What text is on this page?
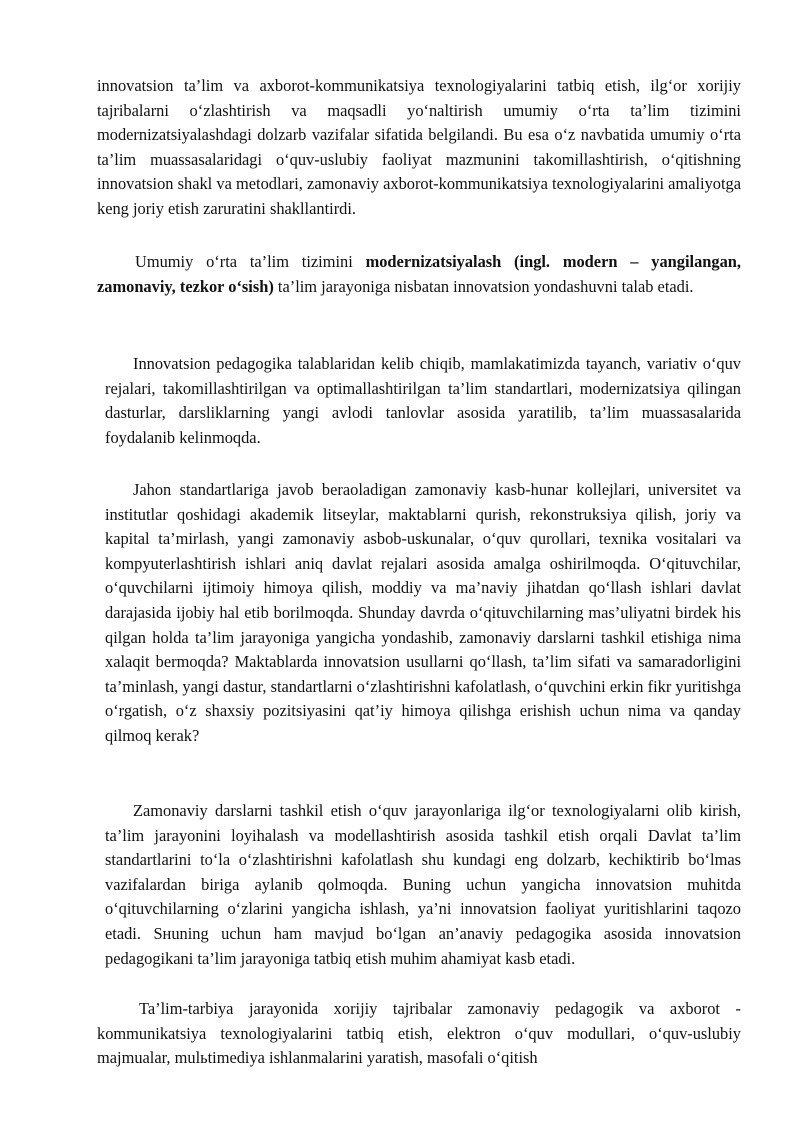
innovatsion ta’lim va axborot-kommunikatsiya texnologiyalarini tatbiq etish, ilg‘or xorijiy tajribalarni o‘zlashtirish va maqsadli yo‘naltirish umumiy o‘rta ta’lim tizimini modernizatsiyalashdagi dolzarb vazifalar sifatida belgilandi. Bu esa o‘z navbatida umumiy o‘rta ta’lim muassasalaridagi o‘quv-uslubiy faoliyat mazmunini takomillashtirish, o‘qitishning innovatsion shakl va metodlari, zamonaviy axborot-kommunikatsiya texnologiyalarini amaliyotga keng joriy etish zaruratini shakllantirdi.

Umumiy o‘rta ta’lim tizimini modernizatsiyalash (ingl. modern – yangilangan, zamonaviy, tezkor o‘sish) ta’lim jarayoniga nisbatan innovatsion yondashuvni talab etadi.

Innovatsion pedagogika talablaridan kelib chiqib, mamlakatimizda tayanch, variativ o‘quv rejalari, takomillashtirilgan va optimallashtirilgan ta’lim standartlari, modernizatsiya qilingan dasturlar, darsliklarning yangi avlodi tanlovlar asosida yaratilib, ta’lim muassasalarida foydalanib kelinmoqda.

Jahon standartlariga javob beraoladigan zamonaviy kasb-hunar kollejlari, universitet va institutlar qoshidagi akademik litseylar, maktablarni qurish, rekonstruksiya qilish, joriy va kapital ta’mirlash, yangi zamonaviy asbob-uskunalar, o‘quv qurollari, texnika vositalari va kompyuterlashtirish ishlari aniq davlat rejalari asosida amalga oshirilmoqda. O‘qituvchilar, o‘quvchilarni ijtimoiy himoya qilish, moddiy va ma’naviy jihatdan qo‘llash ishlari davlat darajasida ijobiy hal etib borilmoqda. Shunday davrda o‘qituvchilarning mas’uliyatni birdek his qilgan holda ta’lim jarayoniga yangicha yondashib, zamonaviy darslarni tashkil etishiga nima xalaqit bermoqda? Maktablarda innovatsion usullarni qo‘llash, ta’lim sifati va samaradorligini ta’minlash, yangi dastur, standartlarni o‘zlashtirishni kafolatlash, o‘quvchini erkin fikr yuritishga o‘rgatish, o‘z shaxsiy pozitsiyasini qat’iy himoya qilishga erishish uchun nima va qanday qilmoq kerak?

Zamonaviy darslarni tashkil etish o‘quv jarayonlariga ilg‘or texnologiyalarni olib kirish, ta’lim jarayonini loyihalash va modellashtirish asosida tashkil etish orqali Davlat ta’lim standartlarini to‘la o‘zlashtirishni kafolatlash shu kundagi eng dolzarb, kechiktirib bo‘lmas vazifalardan biriga aylanib qolmoqda. Buning uchun yangicha innovatsion muhitda o‘qituvchilarning o‘zlarini yangicha ishlash, ya’ni innovatsion faoliyat yuritishlarini taqozo etadi. Sнuning uchun ham mavjud bo‘lgan an’anaviy pedagogika asosida innovatsion pedagogikani ta’lim jarayoniga tatbiq etish muhim ahamiyat kasb etadi.

Ta’lim-tarbiya jarayonida xorijiy tajribalar zamonaviy pedagogik va axborot - kommunikatsiya texnologiyalarini tatbiq etish, elektron o‘quv modullari, o‘quv-uslubiy majmualar, mulьtimediya ishlanmalarini yaratish, masofali o‘qitish
